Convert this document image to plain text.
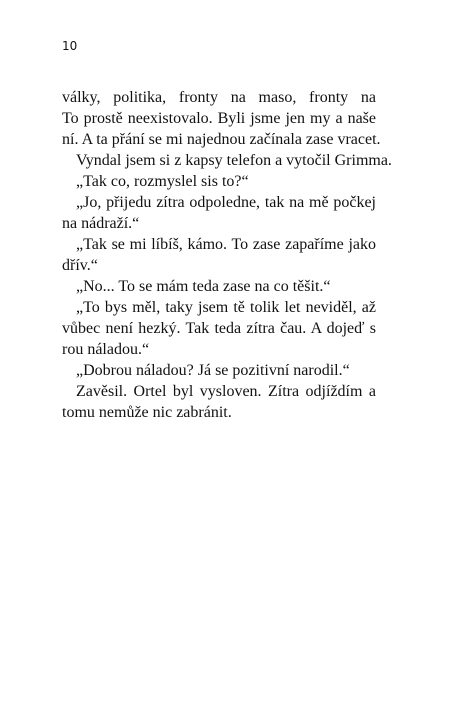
10
války, politika, fronty na maso, fronty na
To prostě neexistovalo. Byli jsme jen my a naše
ní. A ta přání se mi najednou začínala zase vracet.
Vyndal jsem si z kapsy telefon a vytočil Grimma.
„Tak co, rozmyslel sis to?“
„Jo, přijedu zítra odpoledne, tak na mě počkej
na nádraží.“
„Tak se mi líbíš, kámo. To zase zapaříme jako
dřív.“
„No... To se mám teda zase na co těšit.“
„To bys měl, taky jsem tě tolik let neviděl, až
vůbec není hezký. Tak teda zítra čau. A dojeď s
rou náladou.“
„Dobrou náladou? Já se pozitivní narodil.“
Zavěsil. Ortel byl vysloven. Zítra odjíždím a
tomu nemůže nic zabránit.
